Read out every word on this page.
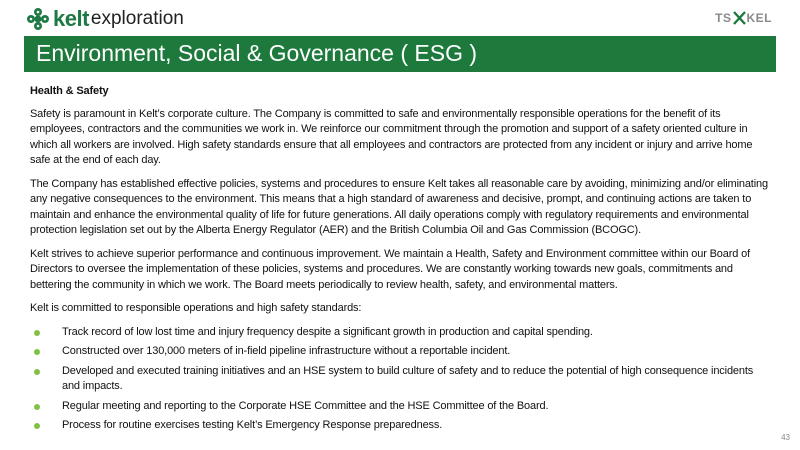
kelt exploration	TS KEL
Environment, Social & Governance ( ESG )

Health & Safety

Safety is paramount in Kelt’s corporate culture. The Company is committed to safe and environmentally responsible operations for the benefit of its employees, contractors and the communities we work in. We reinforce our commitment through the promotion and support of a safety oriented culture in which all workers are involved. High safety standards ensure that all employees and contractors are protected from any incident or injury and arrive home safe at the end of each day.

The Company has established effective policies, systems and procedures to ensure Kelt takes all reasonable care by avoiding, minimizing and/or eliminating any negative consequences to the environment. This means that a high standard of awareness and decisive, prompt, and continuing actions are taken to maintain and enhance the environmental quality of life for future generations. All daily operations comply with regulatory requirements and environmental protection legislation set out by the Alberta Energy Regulator (AER) and the British Columbia Oil and Gas Commission (BCOGC).

Kelt strives to achieve superior performance and continuous improvement. We maintain a Health, Safety and Environment committee within our Board of Directors to oversee the implementation of these policies, systems and procedures. We are constantly working towards new goals, commitments and bettering the community in which we work. The Board meets periodically to review health, safety, and environmental matters.

Kelt is committed to responsible operations and high safety standards:

Track record of low lost time and injury frequency despite a significant growth in production and capital spending.
Constructed over 130,000 meters of in-field pipeline infrastructure without a reportable incident.
Developed and executed training initiatives and an HSE system to build culture of safety and to reduce the potential of high consequence incidents and impacts.
Regular meeting and reporting to the Corporate HSE Committee and the HSE Committee of the Board.
Process for routine exercises testing Kelt’s Emergency Response preparedness.
43
